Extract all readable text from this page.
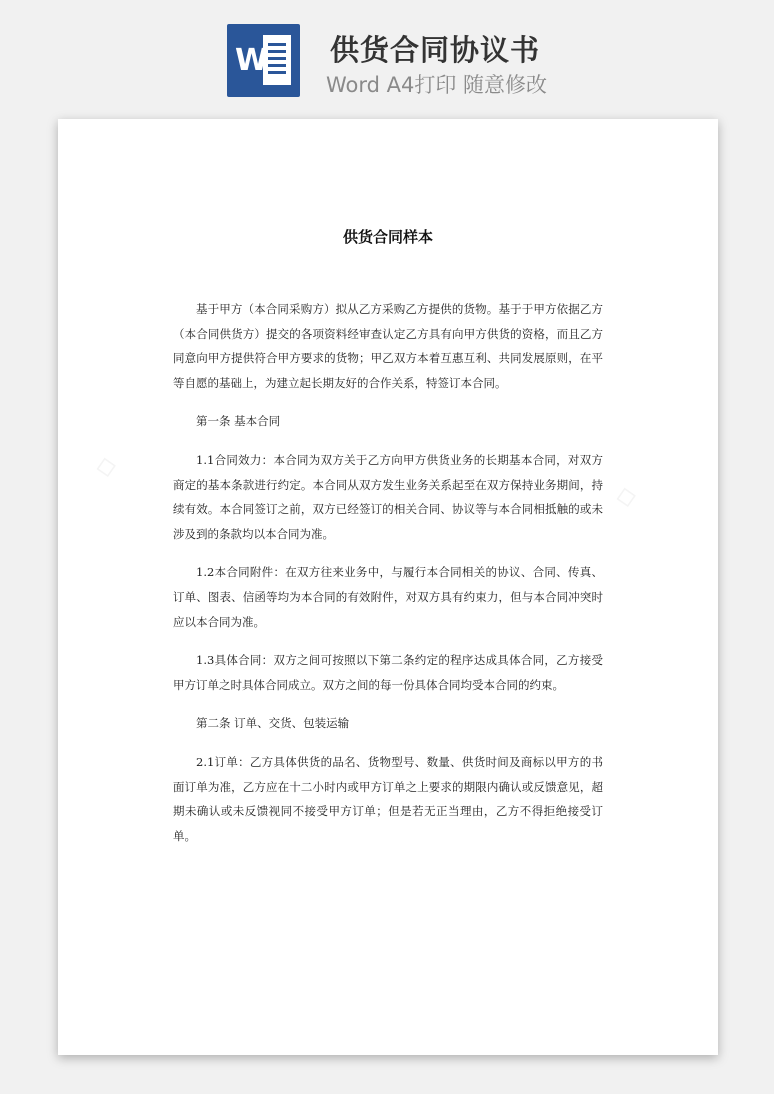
W 供货合同协议书
Word A4打印 随意修改
▫
▫
供货合同样本

基于甲方（本合同采购方）拟从乙方采购乙方提供的货物。基于于甲方依据乙方（本合同供货方）提交的各项资料经审查认定乙方具有向甲方供货的资格，而且乙方同意向甲方提供符合甲方要求的货物；甲乙双方本着互惠互利、共同发展原则，在平等自愿的基础上，为建立起长期友好的合作关系，特签订本合同。

第一条 基本合同

1.1合同效力：本合同为双方关于乙方向甲方供货业务的长期基本合同，对双方商定的基本条款进行约定。本合同从双方发生业务关系起至在双方保持业务期间，持续有效。本合同签订之前，双方已经签订的相关合同、协议等与本合同相抵触的或未涉及到的条款均以本合同为准。

1.2本合同附件：在双方往来业务中，与履行本合同相关的协议、合同、传真、订单、图表、信函等均为本合同的有效附件，对双方具有约束力，但与本合同冲突时应以本合同为准。

1.3具体合同：双方之间可按照以下第二条约定的程序达成具体合同，乙方接受甲方订单之时具体合同成立。双方之间的每一份具体合同均受本合同的约束。

第二条 订单、交货、包装运输

2.1订单：乙方具体供货的品名、货物型号、数量、供货时间及商标以甲方的书面订单为准，乙方应在十二小时内或甲方订单之上要求的期限内确认或反馈意见，超期未确认或未反馈视同不接受甲方订单；但是若无正当理由，乙方不得拒绝接受订单。
